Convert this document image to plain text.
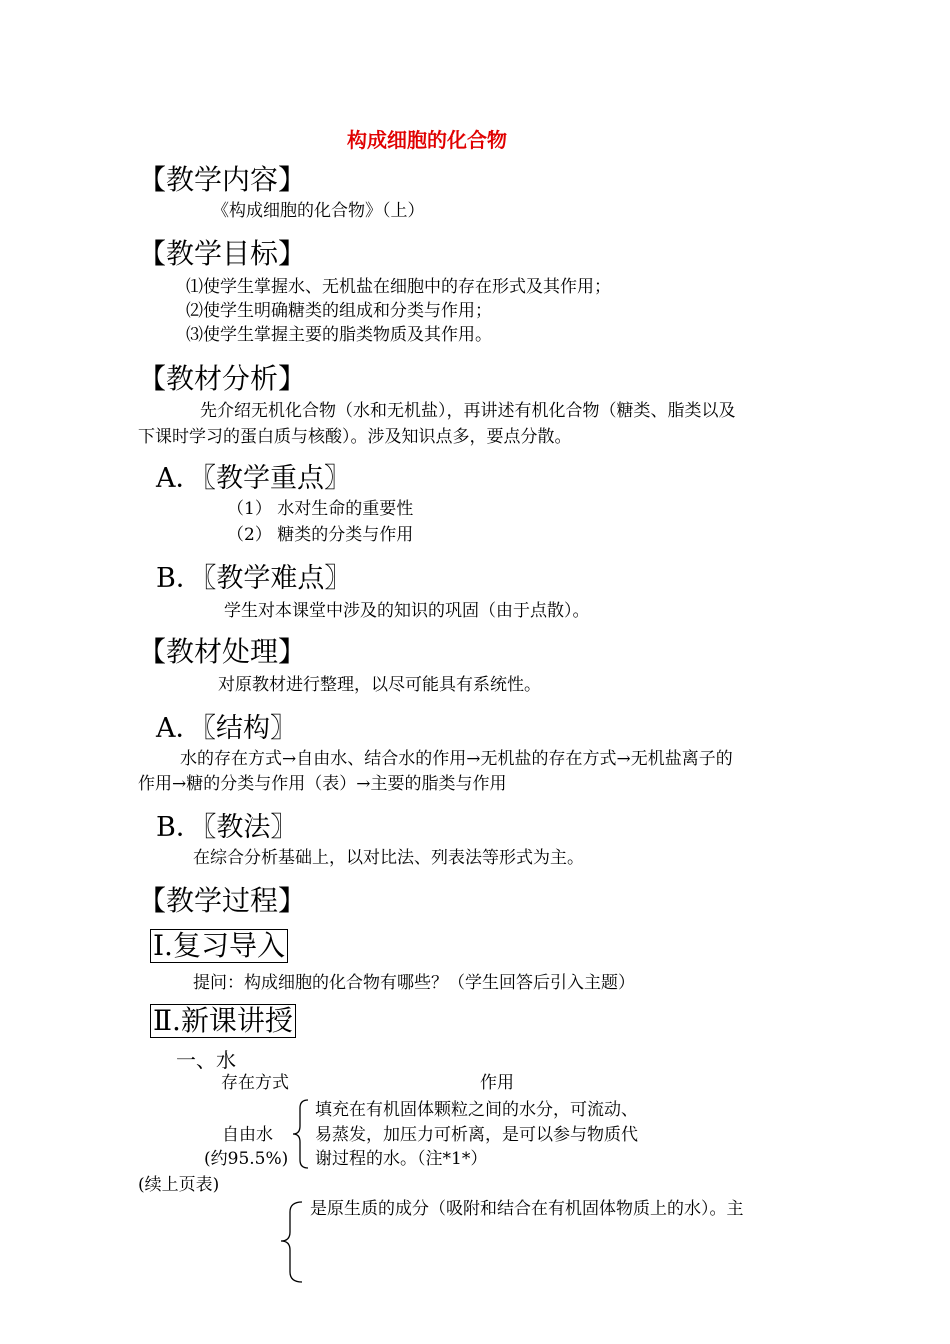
构成细胞的化合物
【教学内容】
《构成细胞的化合物》（上）
【教学目标】
⑴使学生掌握水、无机盐在细胞中的存在形式及其作用；
⑵使学生明确糖类的组成和分类与作用；
⑶使学生掌握主要的脂类物质及其作用。
【教材分析】
先介绍无机化合物（水和无机盐），再讲述有机化合物（糖类、脂类以及
下课时学习的蛋白质与核酸）。涉及知识点多，要点分散。
A．〖教学重点〗
（1） 水对生命的重要性
（2） 糖类的分类与作用
B．〖教学难点〗
学生对本课堂中涉及的知识的巩固（由于点散）。
【教材处理】
对原教材进行整理，以尽可能具有系统性。
A．〖结构〗
水的存在方式→自由水、结合水的作用→无机盐的存在方式→无机盐离子的
作用→糖的分类与作用（表）→主要的脂类与作用
B．〖教法〗
在综合分析基础上，以对比法、列表法等形式为主。
【教学过程】
Ⅰ.复习导入
提问：构成细胞的化合物有哪些？（学生回答后引入主题）
Ⅱ.新课讲授
一、水
存在方式	作用
自由水
(约95.5%)
填充在有机固体颗粒之间的水分，可流动、
易蒸发，加压力可析离，是可以参与物质代
谢过程的水。（注*1*）
(续上页表)
是原生质的成分（吸附和结合在有机固体物质上的水）。主
